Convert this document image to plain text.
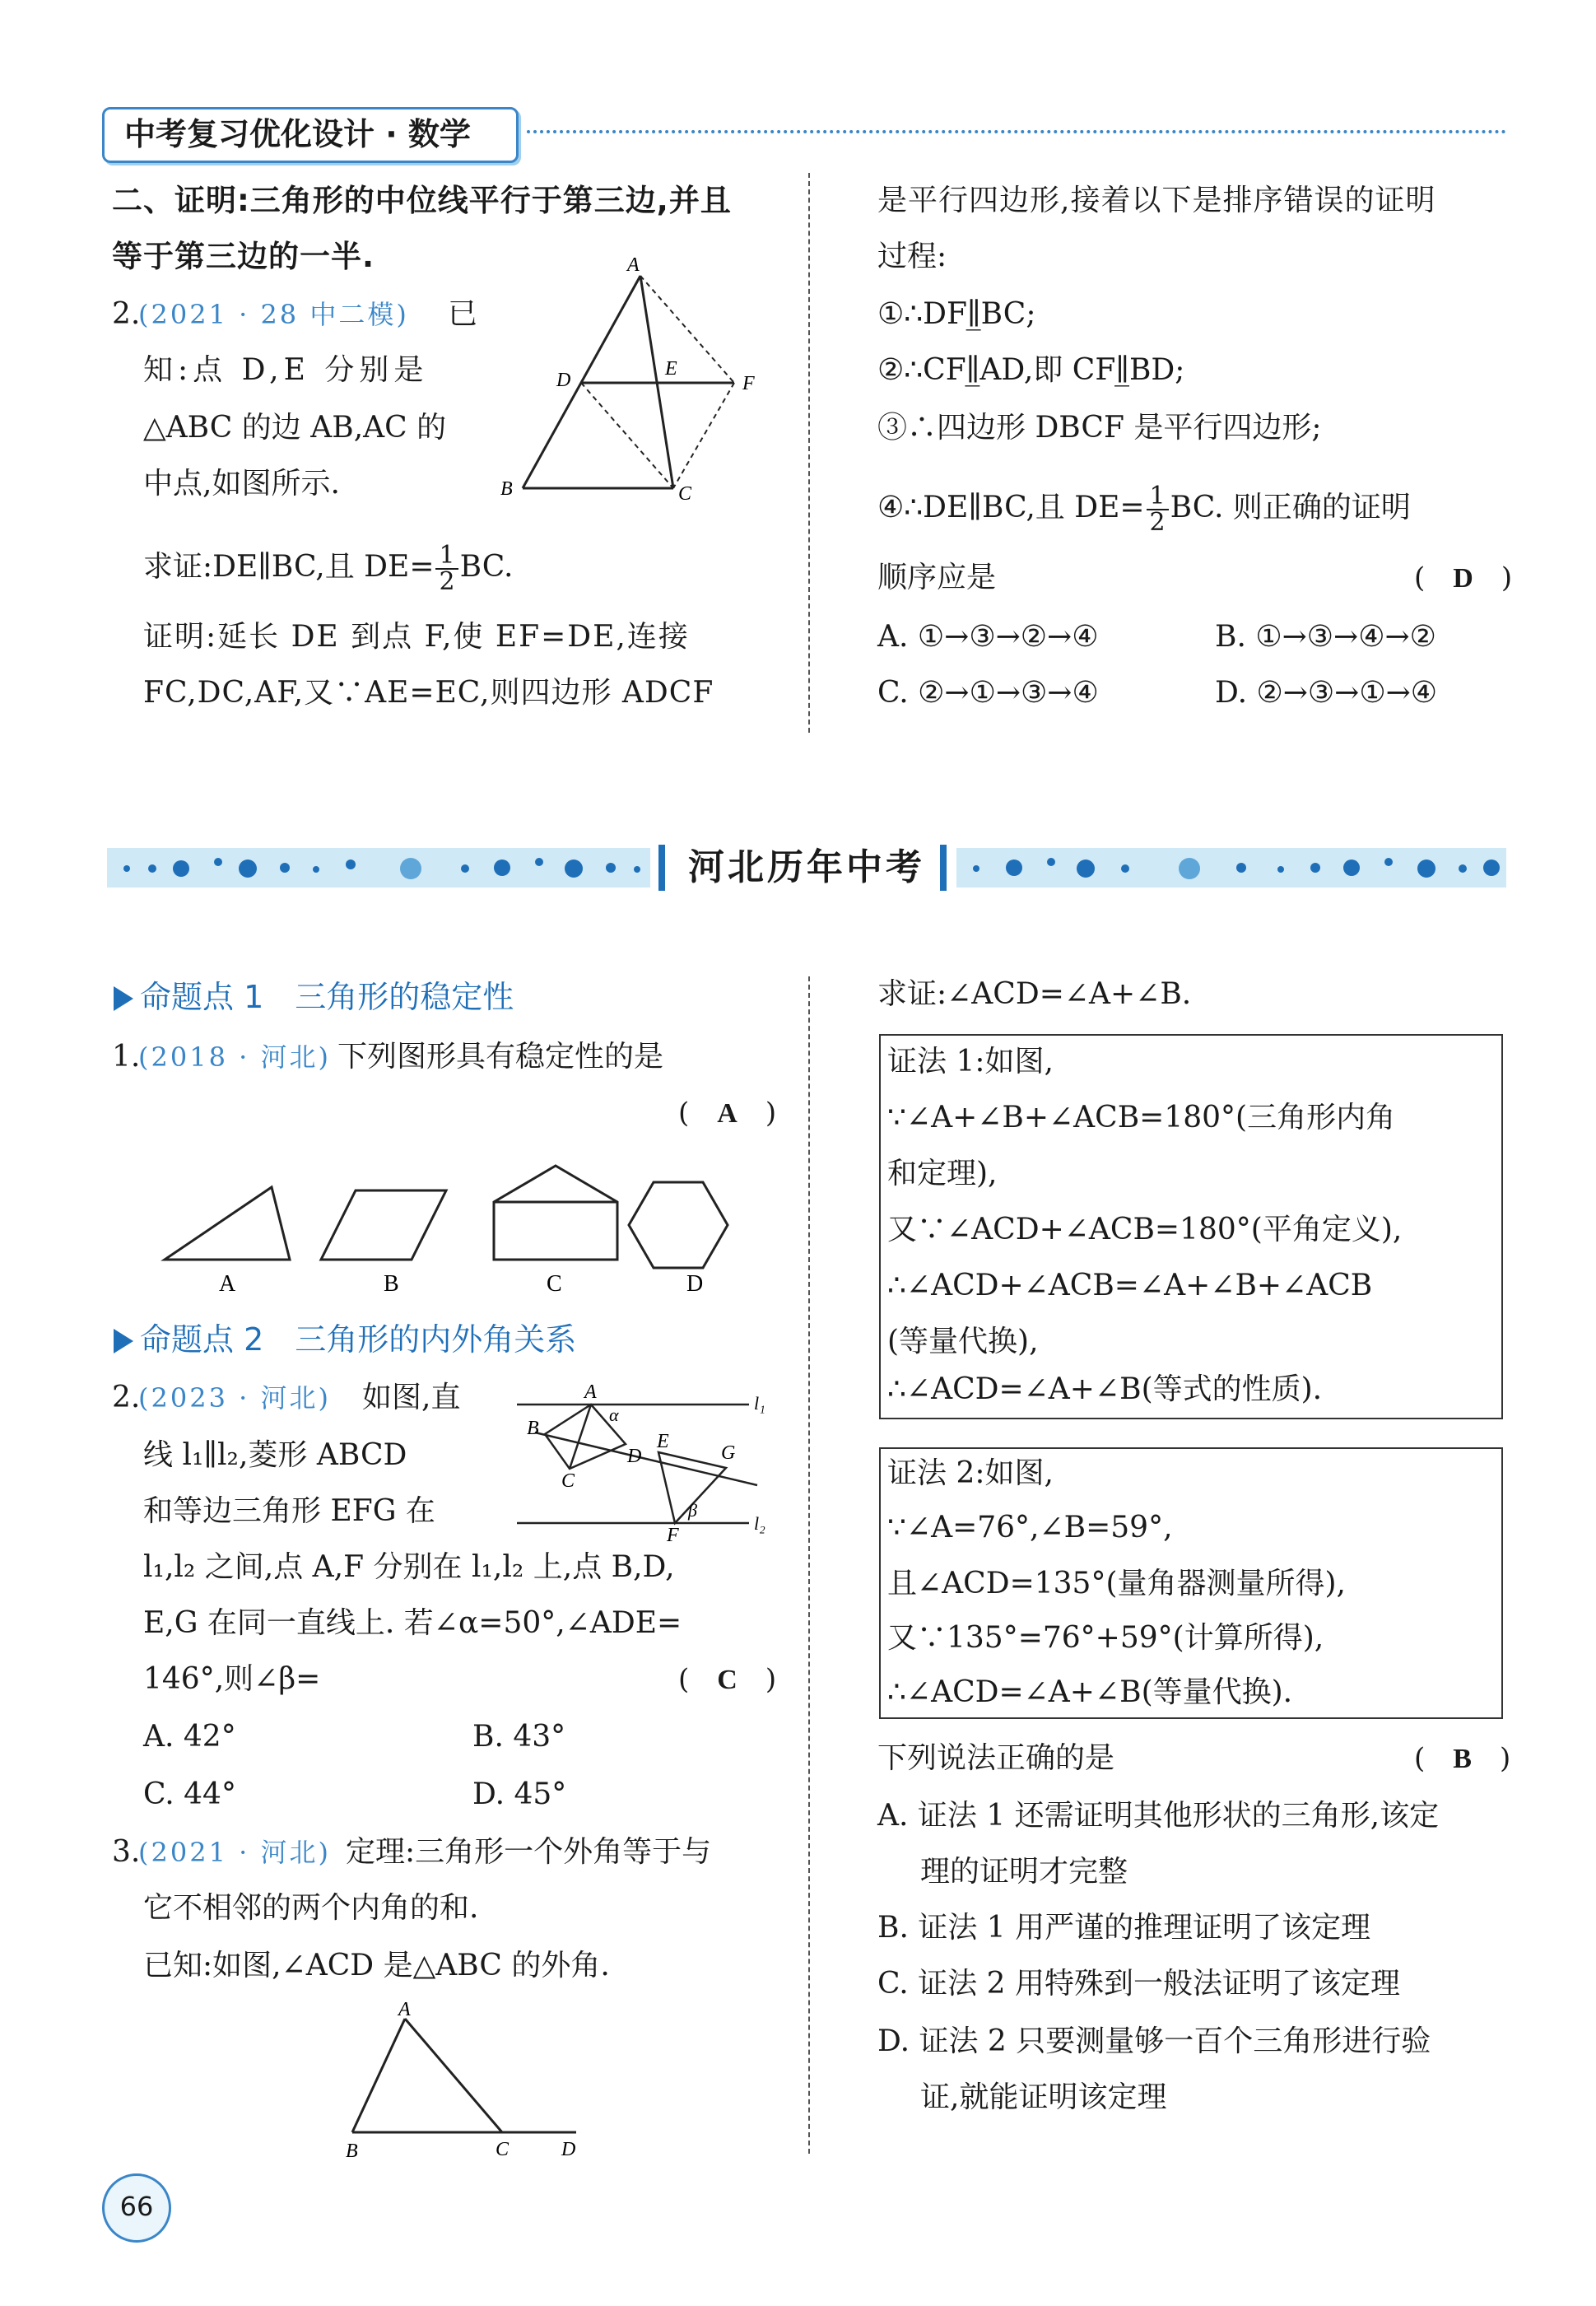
中考复习优化设计 · 数学
二、证明:三角形的中位线平行于第三边,并且
等于第三边的一半.
2.
(2021 · 28 中二模) 已
知:点 D,E 分别是
△ABC 的边 AB,AC 的
中点,如图所示.
求证:DE∥BC,且 $DE= \frac{1}{2}$ BC.
证明:延长 DE 到点 F,使 EF=DE,连接
FC,DC,AF,又∵AE=EC,则四边形 ADCF
A
D
E
F
B	C
是平行四边形,接着以下是排序错误的证明
过程:
①∴DF∥̲BC;
②∴CF∥̲AD,即 CF∥̲BD;
③∴四边形 DBCF 是平行四边形;
④∴DE∥BC,且 $DE= \frac{1}{2}$ BC. 则正确的证明
顺序应是	(　D　)
A. ①→③→②→④	B. ①→③→④→②
C. ②→①→③→④	D. ②→③→①→④
河北历年中考
命题点 1　三角形的稳定性
1.
(2018 · 河北) 下列图形具有稳定性的是
(　A　)
A	B	C	D
命题点 2　三角形的内外角关系
2.
(2023 · 河北) 如图,直
线 l₁∥l₂,菱形 ABCD
和等边三角形 EFG 在
l₁,l₂ 之间,点 A,F 分别在 l₁,l₂ 上,点 B,D,
E,G 在同一直线上. 若∠α=50°,∠ADE=
146°,则∠β=	(　C　)
A. 42°	B. 43°
C. 44°	D. 45°
A
α
B
D
C
E
G
β
F
l₁
l₂
3.
(2021 · 河北) 定理:三角形一个外角等于与
它不相邻的两个内角的和.
已知:如图,∠ACD 是△ABC 的外角.
A
B	C	D
求证:∠ACD=∠A+∠B.
证法 1:如图,
∵∠A+∠B+∠ACB=180°(三角形内角
和定理),
又∵∠ACD+∠ACB=180°(平角定义),
∴∠ACD+∠ACB=∠A+∠B+∠ACB
(等量代换),
∴∠ACD=∠A+∠B(等式的性质).
证法 2:如图,
∵∠A=76°,∠B=59°,
且∠ACD=135°(量角器测量所得),
又∵135°=76°+59°(计算所得),
∴∠ACD=∠A+∠B(等量代换).
下列说法正确的是	(　B　)
A. 证法 1 还需证明其他形状的三角形,该定
理的证明才完整
B. 证法 1 用严谨的推理证明了该定理
C. 证法 2 用特殊到一般法证明了该定理
D. 证法 2 只要测量够一百个三角形进行验
证,就能证明该定理
66
